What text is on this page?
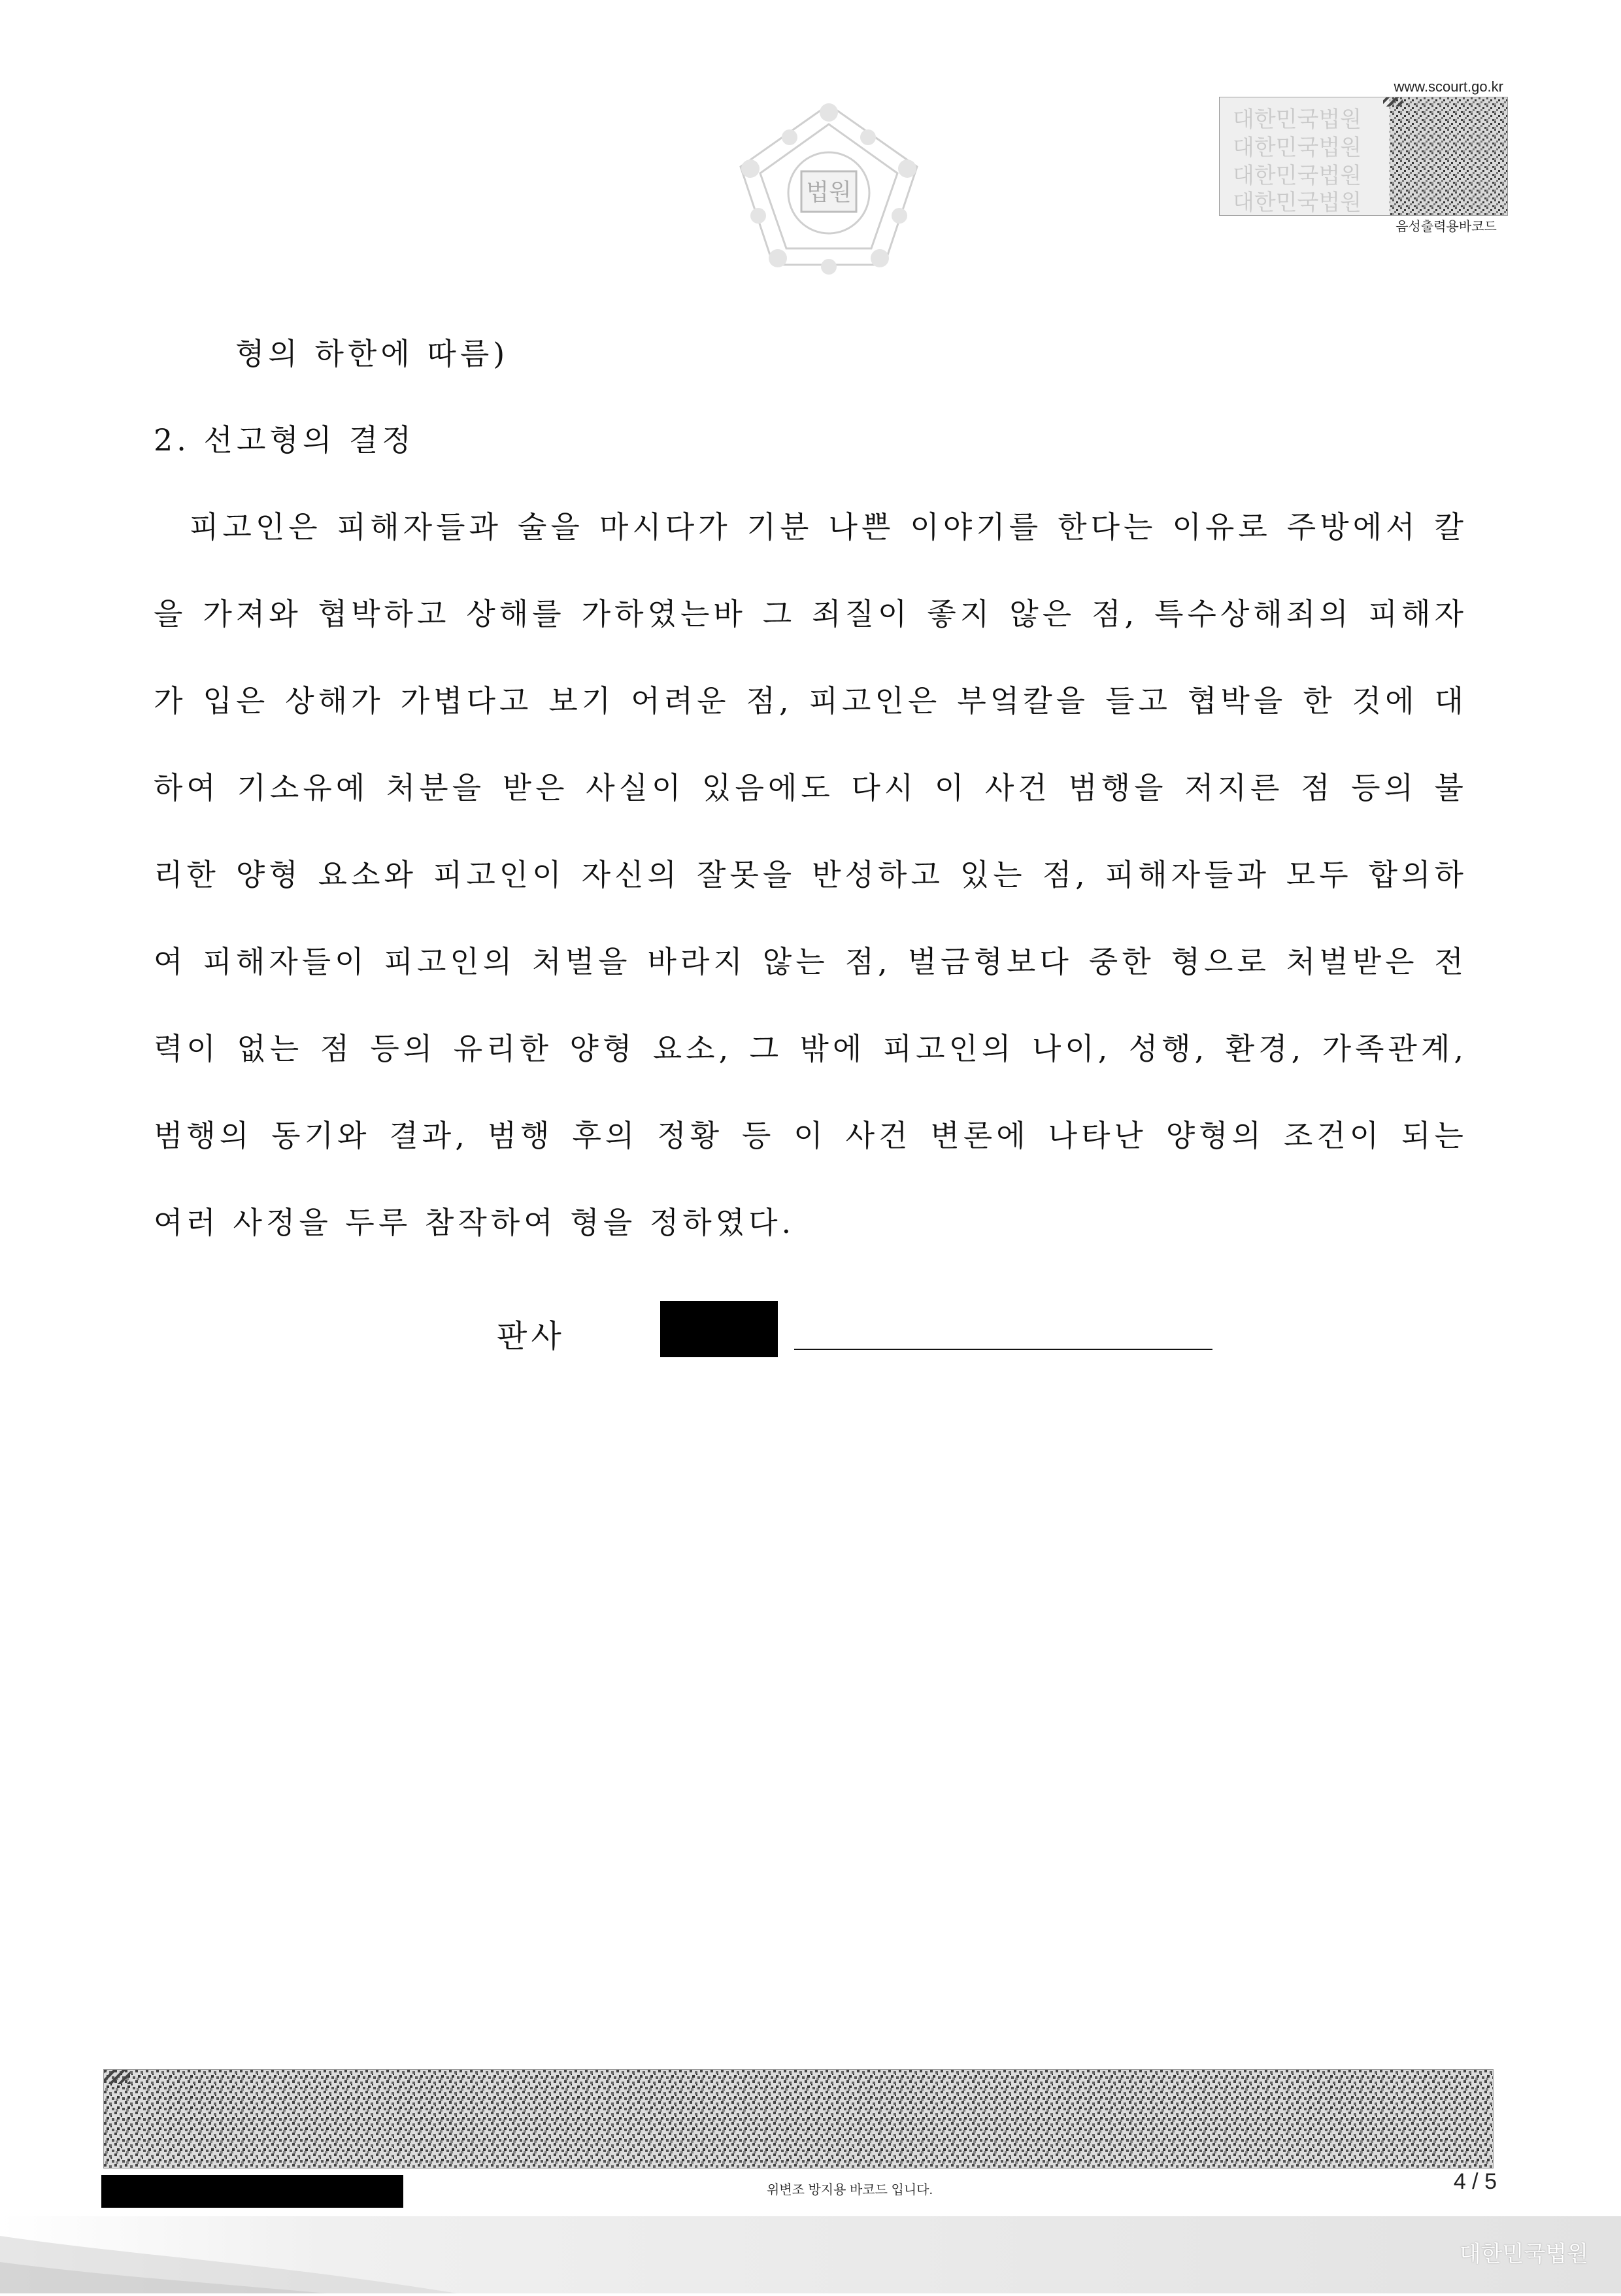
법원
www.scourt.go.kr
대한민국법원
대한민국법원
대한민국법원
대한민국법원
음성출력용바코드
형의 하한에 따름)
2. 선고형의 결정
피고인은 피해자들과 술을 마시다가 기분 나쁜 이야기를 한다는 이유로 주방에서 칼
을 가져와 협박하고 상해를 가하였는바 그 죄질이 좋지 않은 점, 특수상해죄의 피해자
가 입은 상해가 가볍다고 보기 어려운 점, 피고인은 부엌칼을 들고 협박을 한 것에 대
하여 기소유예 처분을 받은 사실이 있음에도 다시 이 사건 범행을 저지른 점 등의 불
리한 양형 요소와 피고인이 자신의 잘못을 반성하고 있는 점, 피해자들과 모두 합의하
여 피해자들이 피고인의 처벌을 바라지 않는 점, 벌금형보다 중한 형으로 처벌받은 전
력이 없는 점 등의 유리한 양형 요소, 그 밖에 피고인의 나이, 성행, 환경, 가족관계,
범행의 동기와 결과, 범행 후의 정황 등 이 사건 변론에 나타난 양형의 조건이 되는
여러 사정을 두루 참작하여 형을 정하였다.
판사
위변조 방지용 바코드 입니다.	4 / 5
대한민국법원
